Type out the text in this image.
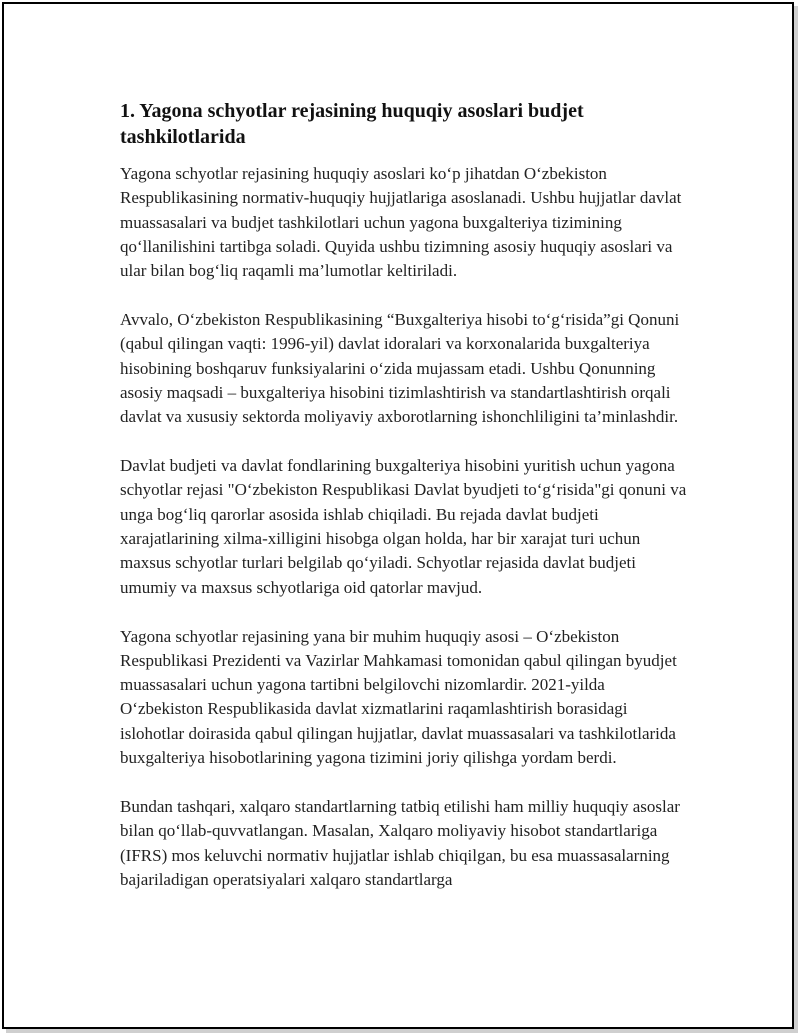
1. Yagona schyotlar rejasining huquqiy asoslari budjet tashkilotlarida

Yagona schyotlar rejasining huquqiy asoslari ko‘p jihatdan O‘zbekiston Respublikasining normativ-huquqiy hujjatlariga asoslanadi. Ushbu hujjatlar davlat muassasalari va budjet tashkilotlari uchun yagona buxgalteriya tizimining qo‘llanilishini tartibga soladi. Quyida ushbu tizimning asosiy huquqiy asoslari va ular bilan bog‘liq raqamli ma’lumotlar keltiriladi.

Avvalo, O‘zbekiston Respublikasining “Buxgalteriya hisobi to‘g‘risida”gi Qonuni (qabul qilingan vaqti: 1996-yil) davlat idoralari va korxonalarida buxgalteriya hisobining boshqaruv funksiyalarini o‘zida mujassam etadi. Ushbu Qonunning asosiy maqsadi – buxgalteriya hisobini tizimlashtirish va standartlashtirish orqali davlat va xususiy sektorda moliyaviy axborotlarning ishonchliligini ta’minlashdir.

Davlat budjeti va davlat fondlarining buxgalteriya hisobini yuritish uchun yagona schyotlar rejasi "O‘zbekiston Respublikasi Davlat byudjeti to‘g‘risida"gi qonuni va unga bog‘liq qarorlar asosida ishlab chiqiladi. Bu rejada davlat budjeti xarajatlarining xilma-xilligini hisobga olgan holda, har bir xarajat turi uchun maxsus schyotlar turlari belgilab qo‘yiladi. Schyotlar rejasida davlat budjeti umumiy va maxsus schyotlariga oid qatorlar mavjud.

Yagona schyotlar rejasining yana bir muhim huquqiy asosi – O‘zbekiston Respublikasi Prezidenti va Vazirlar Mahkamasi tomonidan qabul qilingan byudjet muassasalari uchun yagona tartibni belgilovchi nizomlardir. 2021-yilda O‘zbekiston Respublikasida davlat xizmatlarini raqamlashtirish borasidagi islohotlar doirasida qabul qilingan hujjatlar, davlat muassasalari va tashkilotlarida buxgalteriya hisobotlarining yagona tizimini joriy qilishga yordam berdi.

Bundan tashqari, xalqaro standartlarning tatbiq etilishi ham milliy huquqiy asoslar bilan qo‘llab-quvvatlangan. Masalan, Xalqaro moliyaviy hisobot standartlariga (IFRS) mos keluvchi normativ hujjatlar ishlab chiqilgan, bu esa muassasalarning bajariladigan operatsiyalari xalqaro standartlarga
